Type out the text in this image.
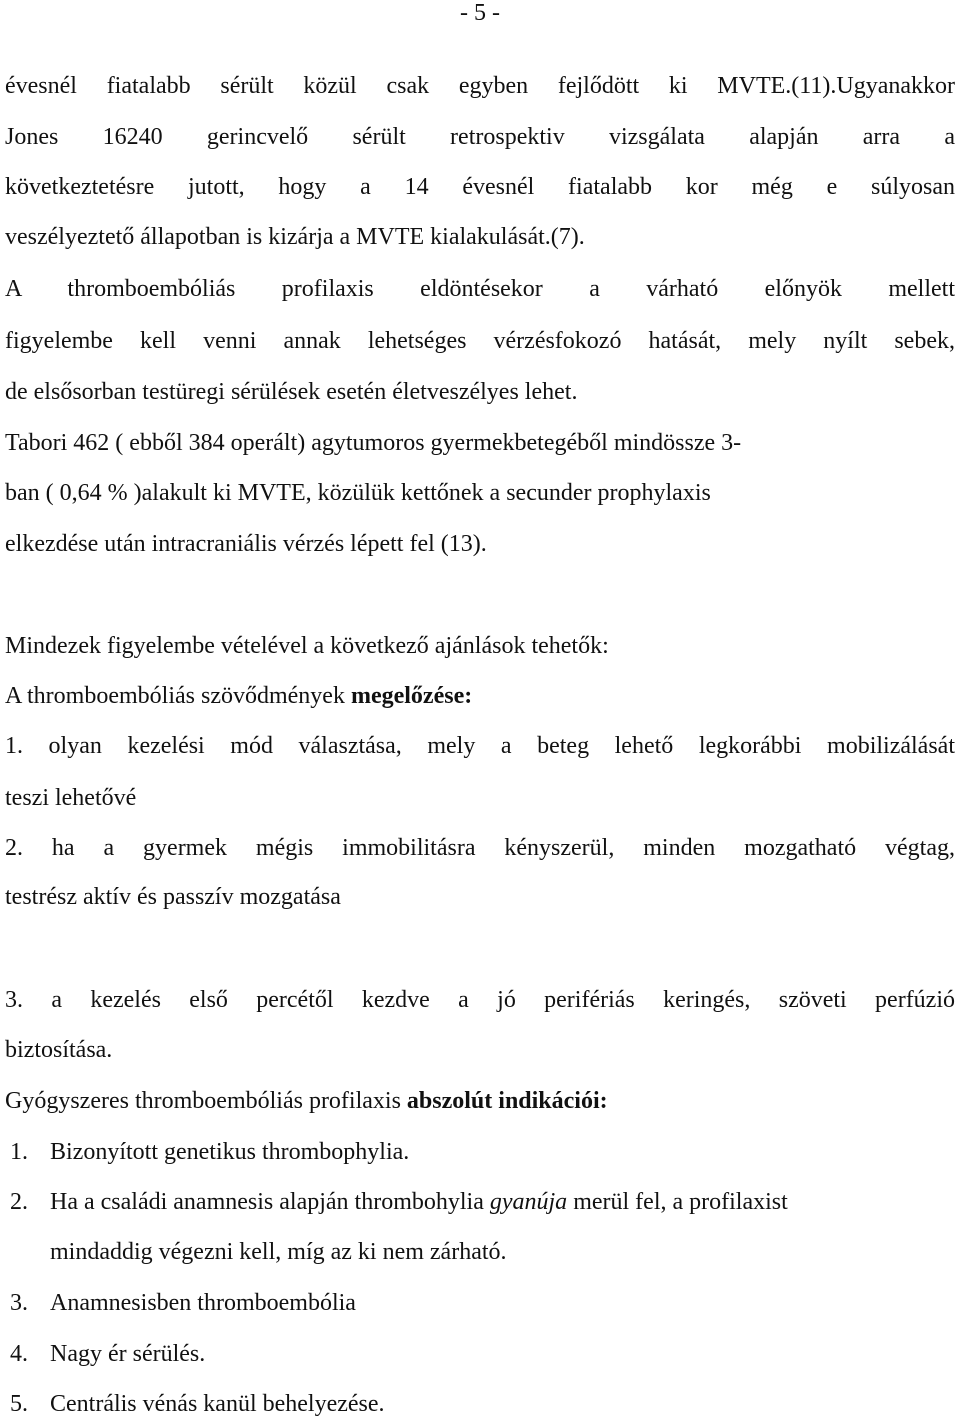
- 5 -
évesnél fiatalabb sérült közül csak egyben fejlődött ki MVTE.(11).Ugyanakkor
Jones 16240 gerincvelő sérült retrospektiv vizsgálata alapján arra a
következtetésre jutott, hogy a 14 évesnél fiatalabb kor még e súlyosan
veszélyeztető állapotban is kizárja a MVTE kialakulását.(7).
A thromboembóliás profilaxis eldöntésekor a várható előnyök mellett
figyelembe kell venni annak lehetséges vérzésfokozó hatását, mely nyílt sebek,
de elsősorban testüregi sérülések esetén életveszélyes lehet.
Tabori 462 ( ebből 384 operált) agytumoros gyermekbetegéből mindössze 3-
ban ( 0,64 % )alakult ki MVTE, közülük kettőnek a secunder prophylaxis
elkezdése után intracraniális vérzés lépett fel (13).
Mindezek figyelembe vételével a következő ajánlások tehetők:
A thromboembóliás szövődmények megelőzése:
1. olyan kezelési mód választása, mely a beteg lehető legkorábbi mobilizálását
teszi lehetővé
2. ha a gyermek mégis immobilitásra kényszerül, minden mozgatható végtag,
testrész aktív és passzív mozgatása
3. a kezelés első percétől kezdve a jó perifériás keringés, szöveti perfúzió
biztosítása.
Gyógyszeres thromboembóliás profilaxis abszolút indikációi:
1. Bizonyított genetikus thrombophylia.
2. Ha a családi anamnesis alapján thrombohylia gyanúja merül fel, a profilaxist
mindaddig végezni kell, míg az ki nem zárható.
3. Anamnesisben thromboembólia
4. Nagy ér sérülés.
5. Centrális vénás kanül behelyezése.
